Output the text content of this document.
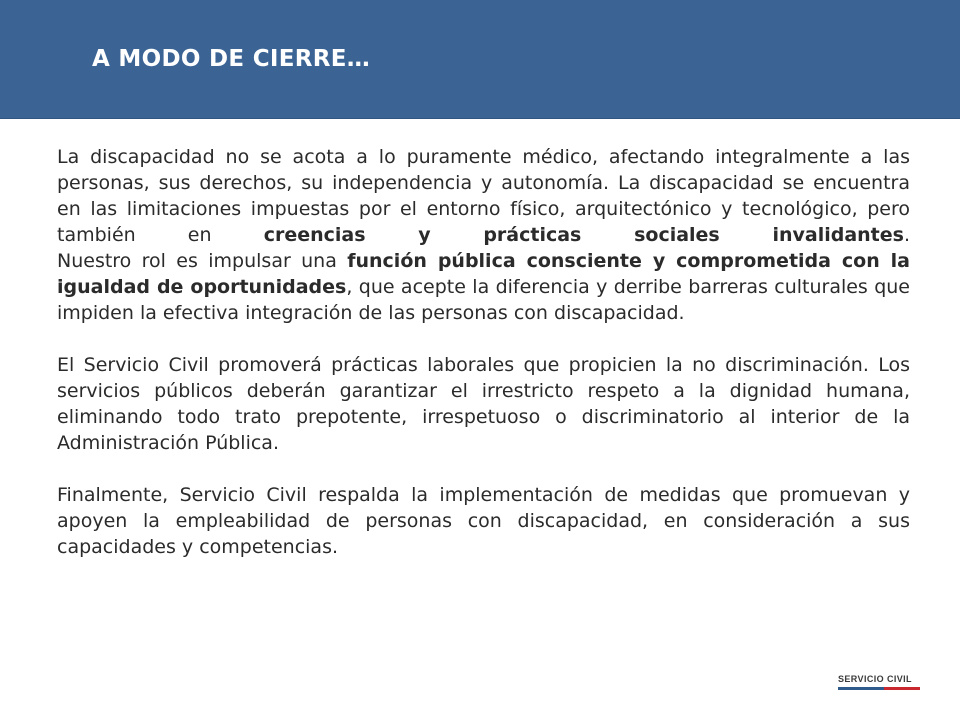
A MODO DE CIERRE…

La discapacidad no se acota a lo puramente médico, afectando integralmente a las personas, sus derechos, su independencia y autonomía. La discapacidad se encuentra en las limitaciones impuestas por el entorno físico, arquitectónico y tecnológico, pero también en	creencias y prácticas sociales invalidantes.
Nuestro rol es impulsar una función pública consciente y comprometida con la igualdad de oportunidades, que acepte la diferencia y derribe barreras culturales que impiden la efectiva integración de las personas con discapacidad.

El Servicio Civil promoverá prácticas laborales que propicien la no discriminación. Los servicios públicos deberán garantizar el irrestricto respeto a la dignidad humana, eliminando todo trato prepotente, irrespetuoso o discriminatorio al interior de la Administración Pública.

Finalmente, Servicio Civil respalda la implementación de medidas que promuevan y apoyen la empleabilidad de personas con discapacidad, en consideración a sus capacidades y competencias.

SERVICIO CIVIL
